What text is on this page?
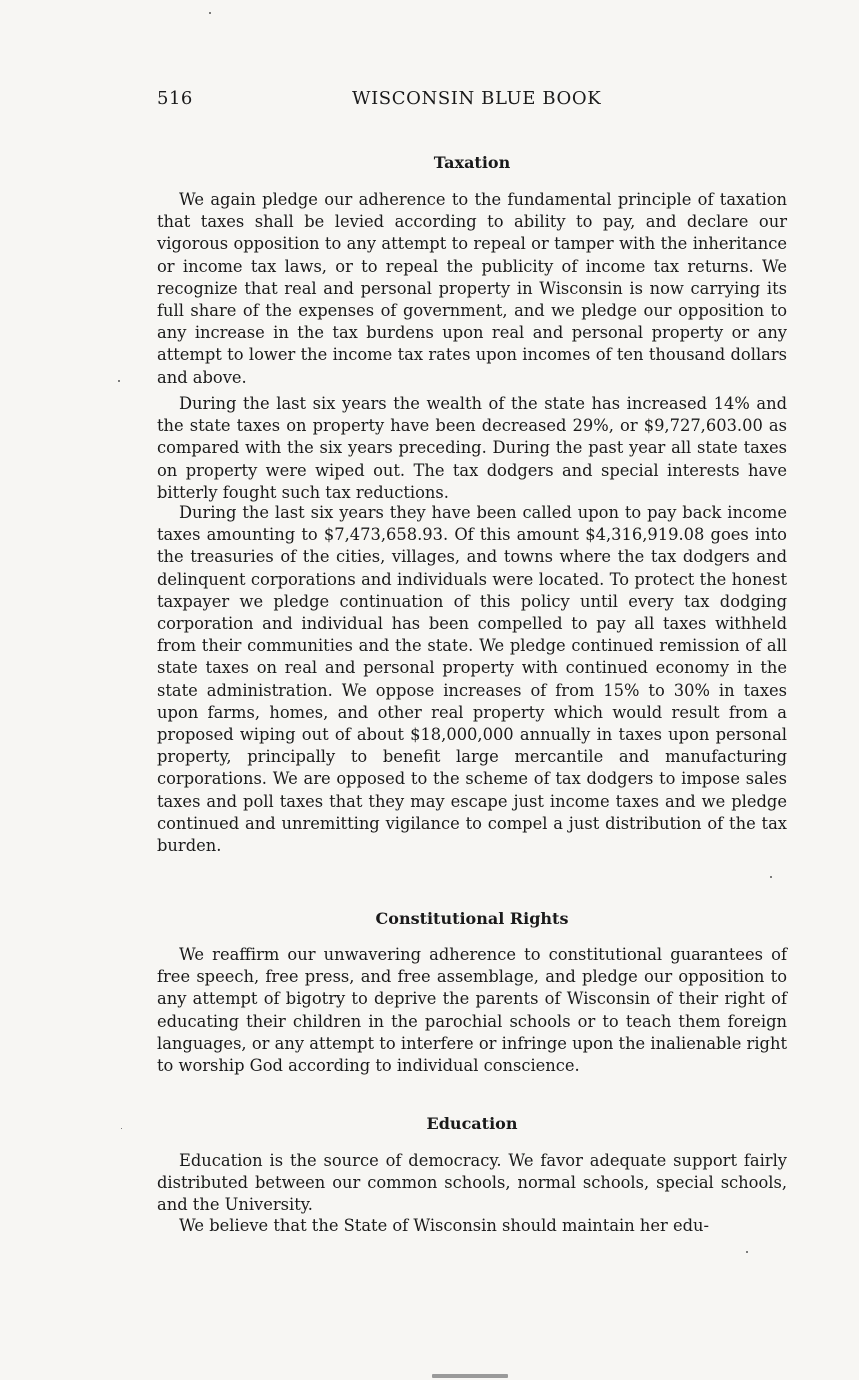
516	WISCONSIN BLUE BOOK
Taxation

We again pledge our adherence to the fundamental principle of taxation that taxes shall be levied according to ability to pay, and declare our vigorous opposition to any attempt to repeal or tamper with the inheritance or income tax laws, or to repeal the publicity of income tax returns. We recognize that real and personal property in Wisconsin is now carrying its full share of the expenses of government, and we pledge our opposition to any increase in the tax burdens upon real and personal property or any attempt to lower the income tax rates upon incomes of ten thousand dollars and above.

During the last six years the wealth of the state has increased 14% and the state taxes on property have been decreased 29%, or $9,727,603.00 as compared with the six years preceding. During the past year all state taxes on property were wiped out. The tax dodgers and special interests have bitterly fought such tax reductions.

During the last six years they have been called upon to pay back income taxes amounting to $7,473,658.93. Of this amount $4,316,919.08 goes into the treasuries of the cities, villages, and towns where the tax dodgers and delinquent corporations and individuals were located. To protect the honest taxpayer we pledge continuation of this policy until every tax dodging corporation and individual has been compelled to pay all taxes withheld from their communities and the state. We pledge continued remission of all state taxes on real and personal property with continued economy in the state administration. We oppose increases of from 15% to 30% in taxes upon farms, homes, and other real property which would result from a proposed wiping out of about $18,000,000 annually in taxes upon personal property, principally to benefit large mercantile and manufacturing corporations. We are opposed to the scheme of tax dodgers to impose sales taxes and poll taxes that they may escape just income taxes and we pledge continued and unremitting vigilance to compel a just distribution of the tax burden.

Constitutional Rights

We reaffirm our unwavering adherence to constitutional guarantees of free speech, free press, and free assemblage, and pledge our opposition to any attempt of bigotry to deprive the parents of Wisconsin of their right of educating their children in the parochial schools or to teach them foreign languages, or any attempt to interfere or infringe upon the inalienable right to worship God according to individual conscience.

Education

Education is the source of democracy. We favor adequate support fairly distributed between our common schools, normal schools, special schools, and the University.

We believe that the State of Wisconsin should maintain her edu-
